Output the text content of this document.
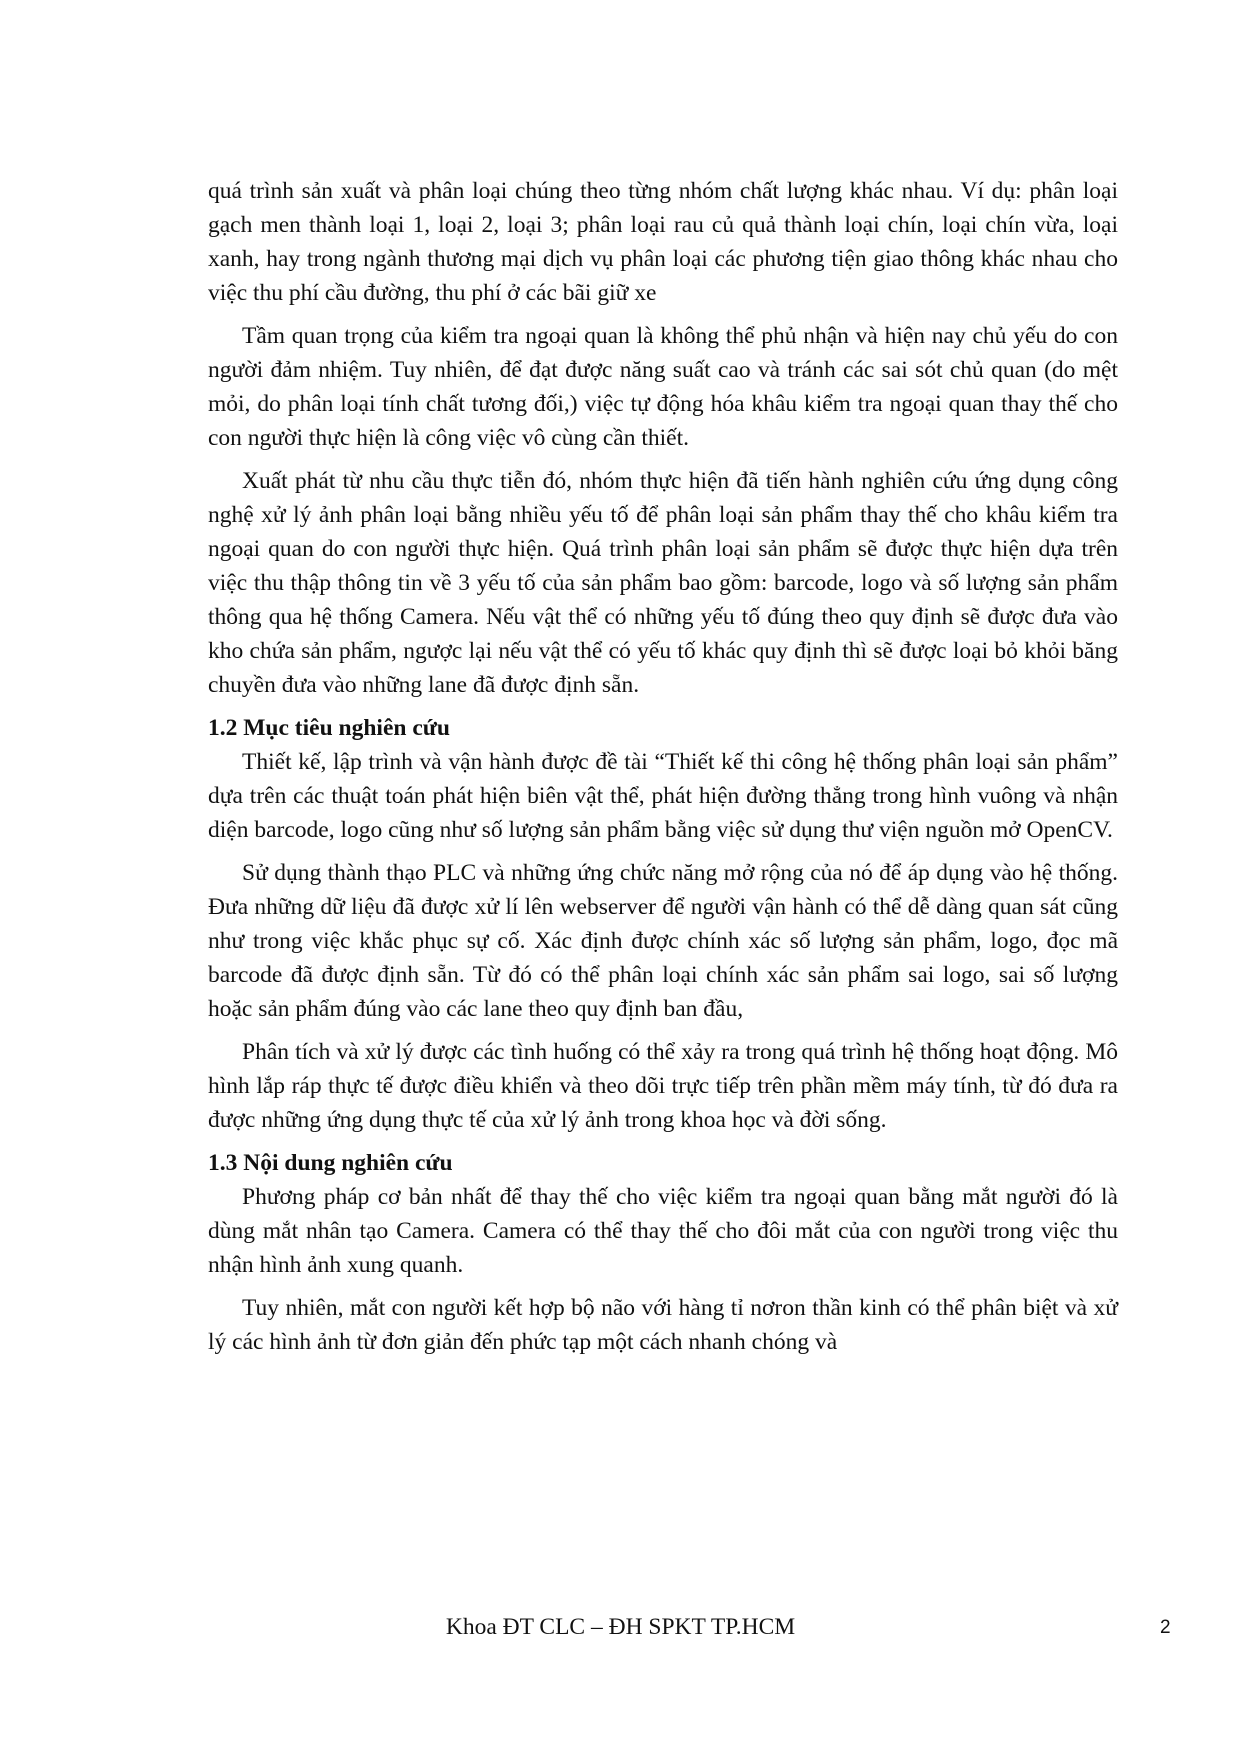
quá trình sản xuất và phân loại chúng theo từng nhóm chất lượng khác nhau. Ví dụ: phân loại gạch men thành loại 1, loại 2, loại 3; phân loại rau củ quả thành loại chín, loại chín vừa, loại xanh, hay trong ngành thương mại dịch vụ phân loại các phương tiện giao thông khác nhau cho việc thu phí cầu đường, thu phí ở các bãi giữ xe

Tầm quan trọng của kiểm tra ngoại quan là không thể phủ nhận và hiện nay chủ yếu do con người đảm nhiệm. Tuy nhiên, để đạt được năng suất cao và tránh các sai sót chủ quan (do mệt mỏi, do phân loại tính chất tương đối,) việc tự động hóa khâu kiểm tra ngoại quan thay thế cho con người thực hiện là công việc vô cùng cần thiết.

Xuất phát từ nhu cầu thực tiễn đó, nhóm thực hiện đã tiến hành nghiên cứu ứng dụng công nghệ xử lý ảnh phân loại bằng nhiều yếu tố để phân loại sản phẩm thay thế cho khâu kiểm tra ngoại quan do con người thực hiện. Quá trình phân loại sản phẩm sẽ được thực hiện dựa trên việc thu thập thông tin về 3 yếu tố của sản phẩm bao gồm: barcode, logo và số lượng sản phẩm thông qua hệ thống Camera. Nếu vật thể có những yếu tố đúng theo quy định sẽ được đưa vào kho chứa sản phẩm, ngược lại nếu vật thể có yếu tố khác quy định thì sẽ được loại bỏ khỏi băng chuyền đưa vào những lane đã được định sẵn.

1.2 Mục tiêu nghiên cứu

Thiết kế, lập trình và vận hành được đề tài “Thiết kế thi công hệ thống phân loại sản phẩm” dựa trên các thuật toán phát hiện biên vật thể, phát hiện đường thẳng trong hình vuông và nhận diện barcode, logo cũng như số lượng sản phẩm bằng việc sử dụng thư viện nguồn mở OpenCV.

Sử dụng thành thạo PLC và những ứng chức năng mở rộng của nó để áp dụng vào hệ thống. Đưa những dữ liệu đã được xử lí lên webserver để người vận hành có thể dễ dàng quan sát cũng như trong việc khắc phục sự cố. Xác định được chính xác số lượng sản phẩm, logo, đọc mã barcode đã được định sẵn. Từ đó có thể phân loại chính xác sản phẩm sai logo, sai số lượng hoặc sản phẩm đúng vào các lane theo quy định ban đầu,

Phân tích và xử lý được các tình huống có thể xảy ra trong quá trình hệ thống hoạt động. Mô hình lắp ráp thực tế được điều khiển và theo dõi trực tiếp trên phần mềm máy tính, từ đó đưa ra được những ứng dụng thực tế của xử lý ảnh trong khoa học và đời sống.

1.3 Nội dung nghiên cứu

Phương pháp cơ bản nhất để thay thế cho việc kiểm tra ngoại quan bằng mắt người đó là dùng mắt nhân tạo Camera. Camera có thể thay thế cho đôi mắt của con người trong việc thu nhận hình ảnh xung quanh.

Tuy nhiên, mắt con người kết hợp bộ não với hàng tỉ nơron thần kinh có thể phân biệt và xử lý các hình ảnh từ đơn giản đến phức tạp một cách nhanh chóng và

Khoa ĐT CLC – ĐH SPKT TP.HCM	2
